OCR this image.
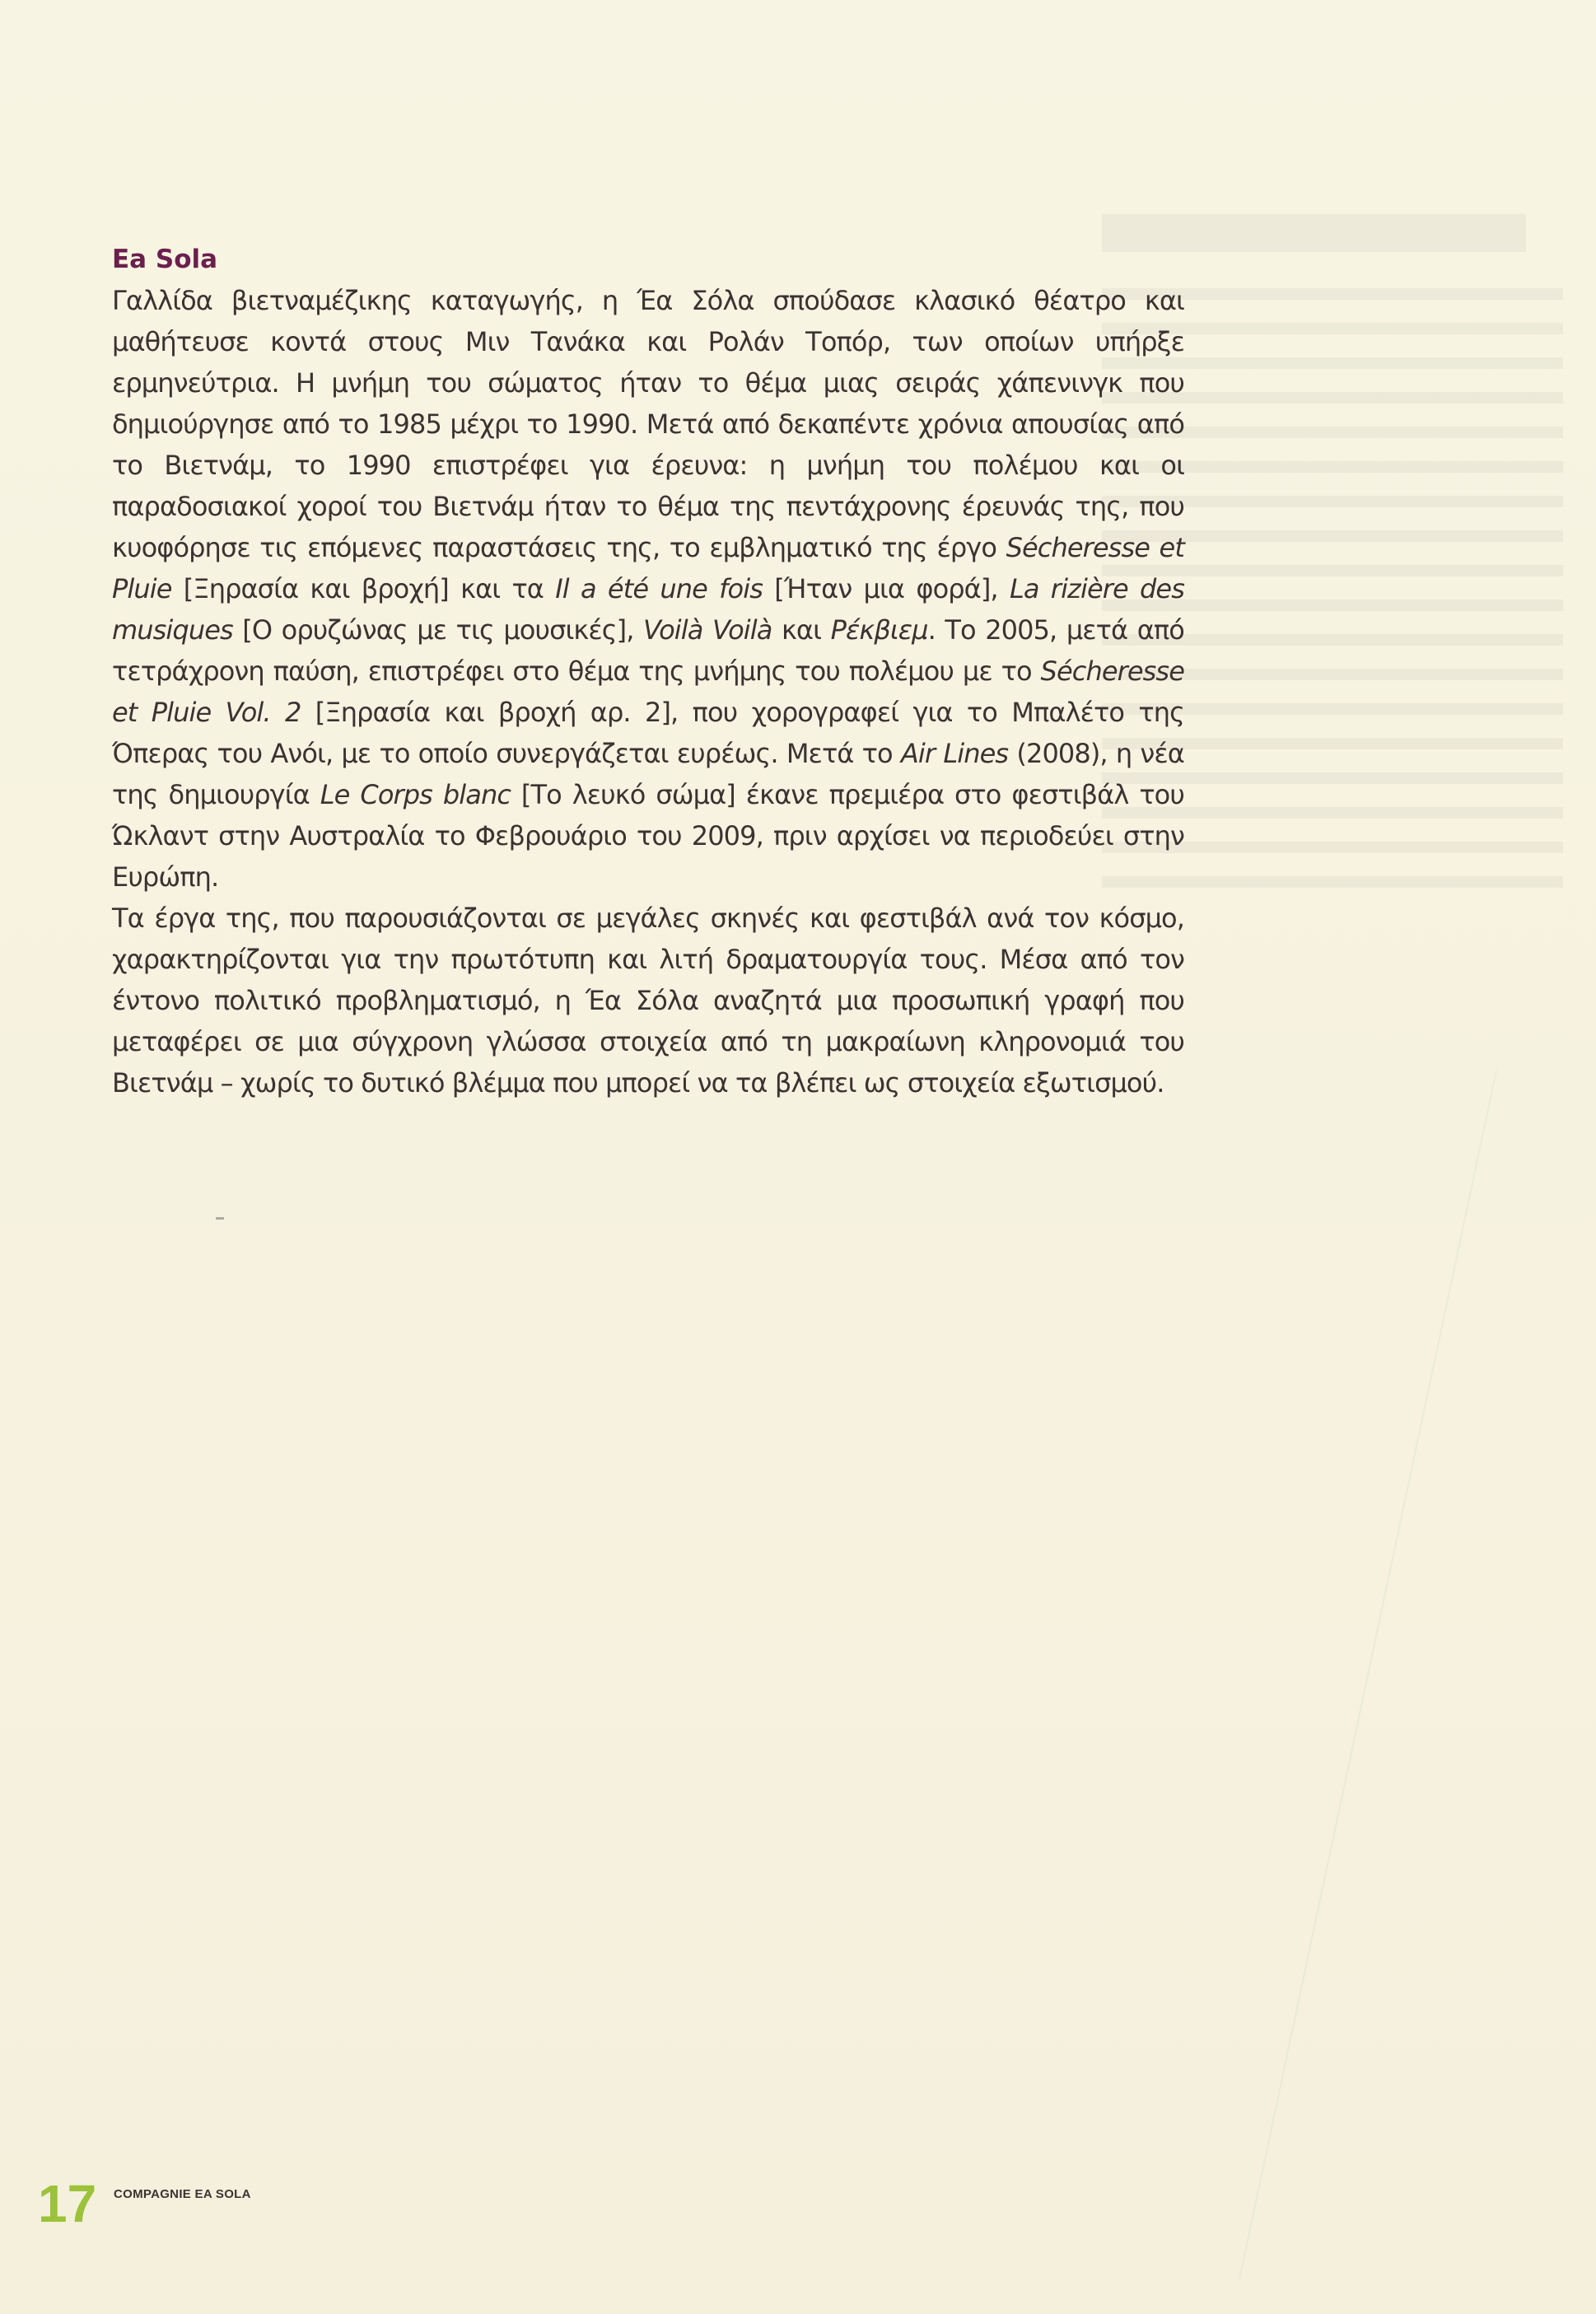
Ea Sola

Γαλλίδα βιετναμέζικης καταγωγής, η Έα Σόλα σπούδασε κλασικό θέατρο και μαθήτευσε κοντά στους Μιν Τανάκα και Ρολάν Τοπόρ, των οποίων υπήρξε ερμηνεύτρια. Η μνήμη του σώματος ήταν το θέμα μιας σειράς χάπενινγκ που δημιούργησε από το 1985 μέχρι το 1990. Μετά από δεκαπέντε χρόνια απουσίας από το Βιετνάμ, το 1990 επιστρέφει για έρευνα: η μνήμη του πολέμου και οι παραδοσιακοί χοροί του Βιετνάμ ήταν το θέμα της πεντάχρονης έρευνάς της, που κυοφόρησε τις επόμενες παραστάσεις της, το εμβληματικό της έργο Sécheresse et Pluie [Ξηρασία και βροχή] και τα Il a été une fois [Ήταν μια φορά], La rizière des musiques [Ο ορυζώνας με τις μουσικές], Voilà Voilà και Ρέκβιεμ. Το 2005, μετά από τετράχρονη παύση, επιστρέφει στο θέμα της μνήμης του πολέμου με το Sécheresse et Pluie Vol. 2 [Ξηρασία και βροχή αρ. 2], που χορογραφεί για το Μπαλέτο της Όπερας του Ανόι, με το οποίο συνεργάζεται ευρέως. Μετά το Air Lines (2008), η νέα της δημιουργία Le Corps blanc [Το λευκό σώμα] έκανε πρεμιέρα στο φεστιβάλ του Ώκλαντ στην Αυστραλία το Φεβρουάριο του 2009, πριν αρχίσει να περιοδεύει στην Ευρώπη.

Τα έργα της, που παρουσιάζονται σε μεγάλες σκηνές και φεστιβάλ ανά τον κόσμο, χαρακτηρίζονται για την πρωτότυπη και λιτή δραματουργία τους. Μέσα από τον έντονο πολιτικό προβληματισμό, η Έα Σόλα αναζητά μια προσωπική γραφή που μεταφέρει σε μια σύγχρονη γλώσσα στοιχεία από τη μακραίωνη κληρονομιά του Βιετνάμ – χωρίς το δυτικό βλέμμα που μπορεί να τα βλέπει ως στοιχεία εξωτισμού.

17 COMPAGNIE EA SOLA
